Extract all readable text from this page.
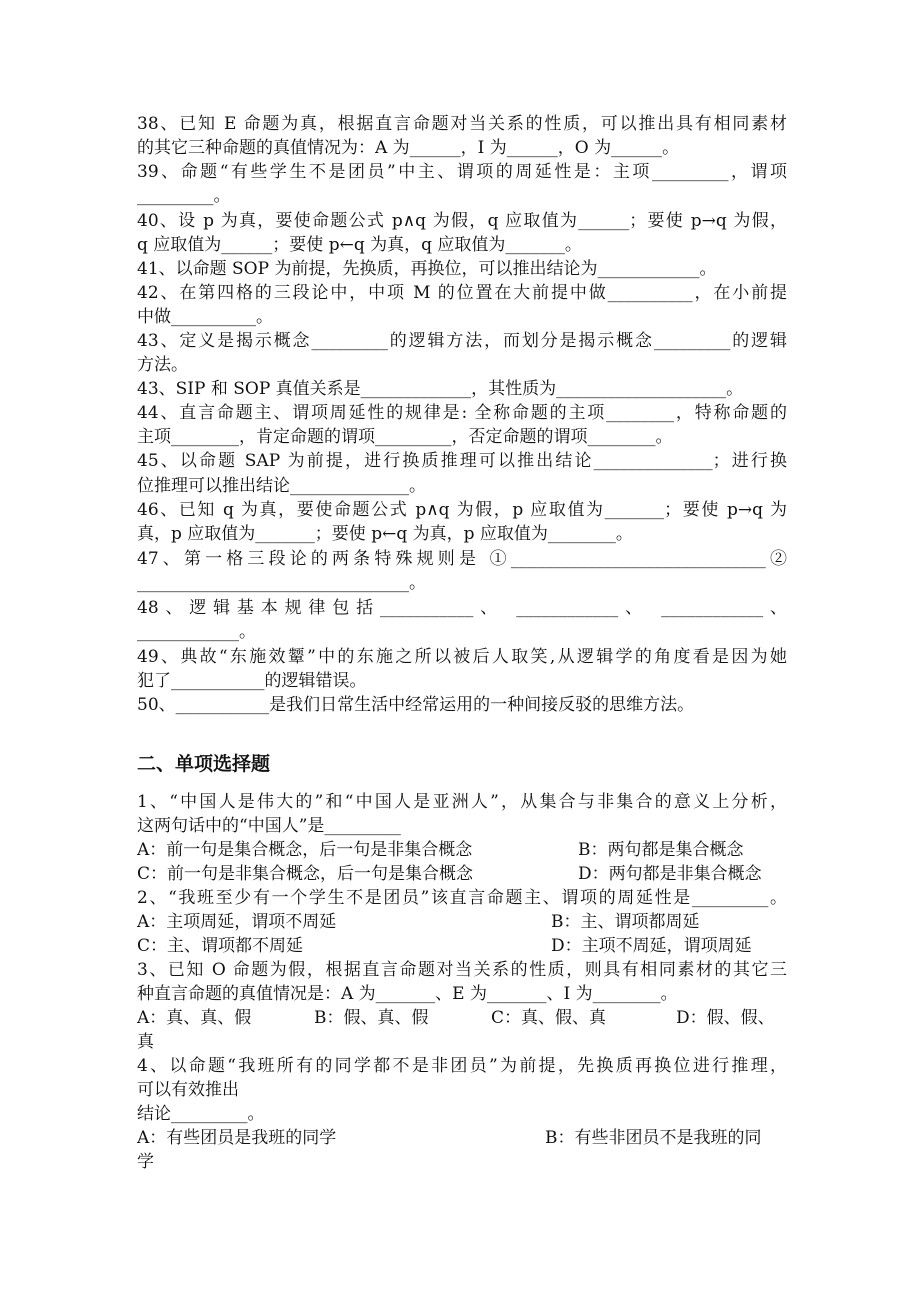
38、已知 E 命题为真，根据直言命题对当关系的性质，可以推出具有相同素材
的其它三种命题的真值情况为：A 为______，I 为______，O 为______。
39、命题“有些学生不是团员”中主、谓项的周延性是：主项_________，谓项
_________。
40、设 p 为真，要使命题公式 p∧q 为假，q 应取值为______；要使 p→q 为假，
q 应取值为______；要使 p←q 为真，q 应取值为_______。
41、以命题 SOP 为前提，先换质，再换位，可以推出结论为____________。
42、在第四格的三段论中，中项 M 的位置在大前提中做__________，在小前提
中做__________。
43、定义是揭示概念_________的逻辑方法，而划分是揭示概念_________的逻辑
方法。
43、SIP 和 SOP 真值关系是_____________，其性质为____________________。
44、直言命题主、谓项周延性的规律是: 全称命题的主项________，特称命题的
主项________，肯定命题的谓项_________，否定命题的谓项________。
45、以命题 SAP 为前提，进行换质推理可以推出结论______________；进行换
位推理可以推出结论______________。
46、已知 q 为真，要使命题公式 p∧q 为假，p 应取值为_______；要使 p→q 为
真，p 应取值为_______；要使 p←q 为真，p 应取值为________。
47、第一格三段论的两条特殊规则是 ①______________________________②
________________________________。
48、逻辑基本规律包括___________、 ____________、 ____________、
____________。
49、典故“东施效颦”中的东施之所以被后人取笑,从逻辑学的角度看是因为她
犯了___________的逻辑错误。
50、___________是我们日常生活中经常运用的一种间接反驳的思维方法。
二、单项选择题
1、“中国人是伟大的”和“中国人是亚洲人”，从集合与非集合的意义上分析，
这两句话中的“中国人”是_________
A：前一句是集合概念，后一句是非集合概念	B：两句都是集合概念
C：前一句是非集合概念，后一句是集合概念	D：两句都是非集合概念
2、“我班至少有一个学生不是团员”该直言命题主、谓项的周延性是_________。
A：主项周延，谓项不周延	B：主、谓项都周延
C：主、谓项都不周延	D：主项不周延，谓项周延
3、已知 O 命题为假，根据直言命题对当关系的性质，则具有相同素材的其它三
种直言命题的真值情况是：A 为_______、E 为_______、I 为________。
A：真、真、假	B：假、真、假	C：真、假、真	D：假、假、
真
4、以命题“我班所有的同学都不是非团员”为前提，先换质再换位进行推理，
可以有效推出
结论_________。
A：有些团员是我班的同学	B：有些非团员不是我班的同
学
